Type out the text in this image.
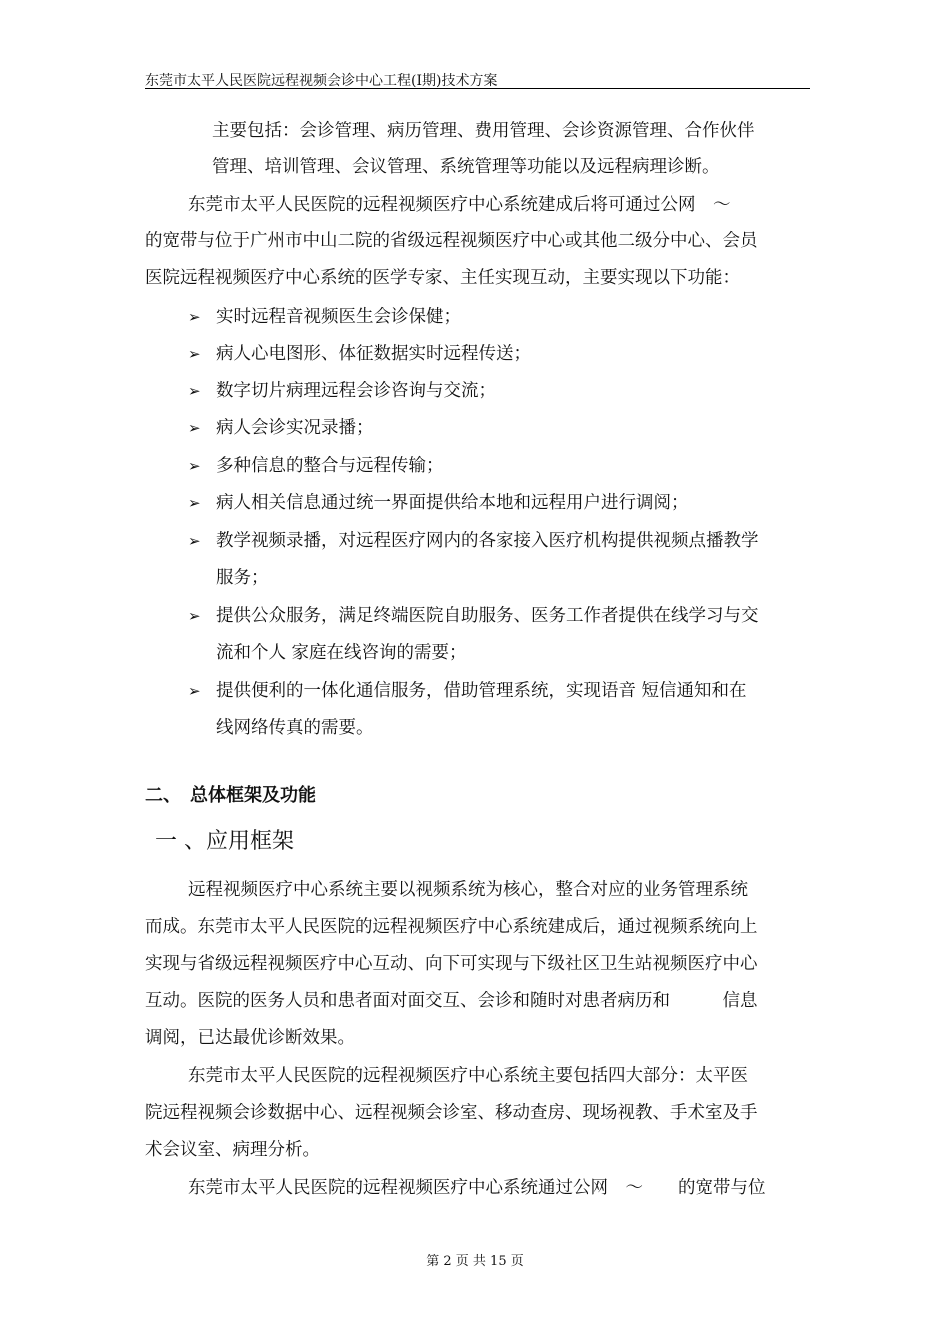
东莞市太平人民医院远程视频会诊中心工程(Ⅰ期)技术方案
主要包括：会诊管理、病历管理、费用管理、会诊资源管理、合作伙伴
管理、培训管理、会议管理、系统管理等功能以及远程病理诊断。
东莞市太平人民医院的远程视频医疗中心系统建成后将可通过公网　～
的宽带与位于广州市中山二院的省级远程视频医疗中心或其他二级分中心、会员
医院远程视频医疗中心系统的医学专家、主任实现互动，主要实现以下功能：
➢ 实时远程音视频医生会诊保健；
➢ 病人心电图形、体征数据实时远程传送；
➢ 数字切片病理远程会诊咨询与交流；
➢ 病人会诊实况录播；
➢ 多种信息的整合与远程传输；
➢ 病人相关信息通过统一界面提供给本地和远程用户进行调阅；
➢ 教学视频录播，对远程医疗网内的各家接入医疗机构提供视频点播教学
服务；
➢ 提供公众服务，满足终端医院自助服务、医务工作者提供在线学习与交
流和个人 家庭在线咨询的需要；
➢ 提供便利的一体化通信服务，借助管理系统，实现语音 短信通知和在
线网络传真的需要。
二、　总体框架及功能
一 、应用框架
远程视频医疗中心系统主要以视频系统为核心，整合对应的业务管理系统
而成。东莞市太平人民医院的远程视频医疗中心系统建成后，通过视频系统向上
实现与省级远程视频医疗中心互动、向下可实现与下级社区卫生站视频医疗中心
互动。医院的医务人员和患者面对面交互、会诊和随时对患者病历和　　　信息
调阅，已达最优诊断效果。
东莞市太平人民医院的远程视频医疗中心系统主要包括四大部分：太平医
院远程视频会诊数据中心、远程视频会诊室、移动查房、现场视教、手术室及手
术会议室、病理分析。
东莞市太平人民医院的远程视频医疗中心系统通过公网　～　　的宽带与位
第 2 页 共 15 页
